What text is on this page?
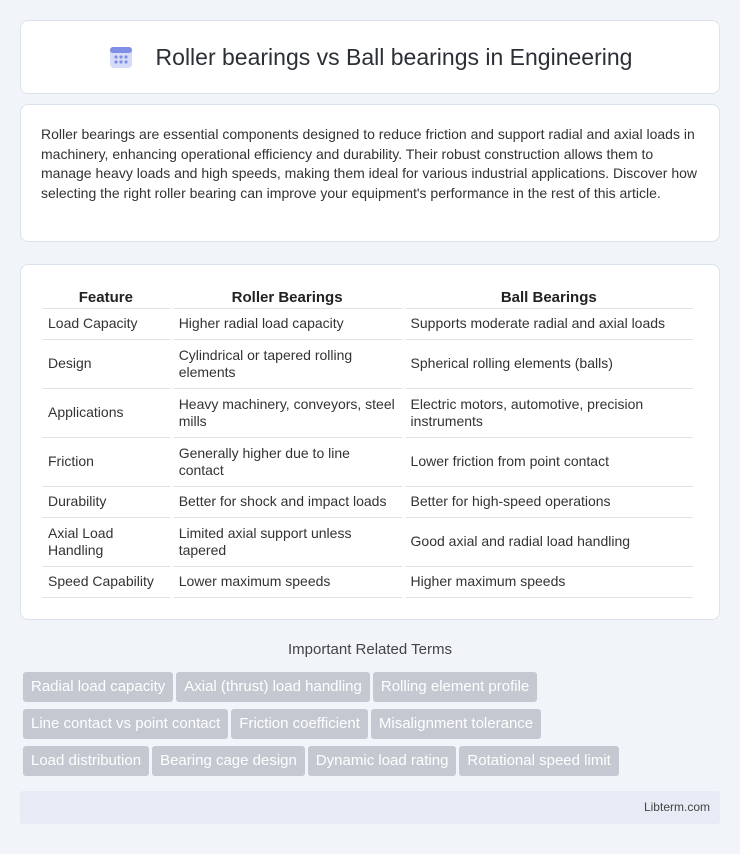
Roller bearings vs Ball bearings in Engineering

Roller bearings are essential components designed to reduce friction and support radial and axial loads in machinery, enhancing operational efficiency and durability. Their robust construction allows them to manage heavy loads and high speeds, making them ideal for various industrial applications. Discover how selecting the right roller bearing can improve your equipment's performance in the rest of this article.

Feature	Roller Bearings	Ball Bearings
Load Capacity	Higher radial load capacity	Supports moderate radial and axial loads
Design	Cylindrical or tapered rolling elements	Spherical rolling elements (balls)
Applications	Heavy machinery, conveyors, steel mills	Electric motors, automotive, precision instruments
Friction	Generally higher due to line contact	Lower friction from point contact
Durability	Better for shock and impact loads	Better for high-speed operations
Axial Load Handling	Limited axial support unless tapered	Good axial and radial load handling
Speed Capability	Lower maximum speeds	Higher maximum speeds
Important Related Terms
Radial load capacity Axial (thrust) load handling Rolling element profile
Line contact vs point contact Friction coefficient Misalignment tolerance
Load distribution Bearing cage design Dynamic load rating Rotational speed limit
Libterm.com
